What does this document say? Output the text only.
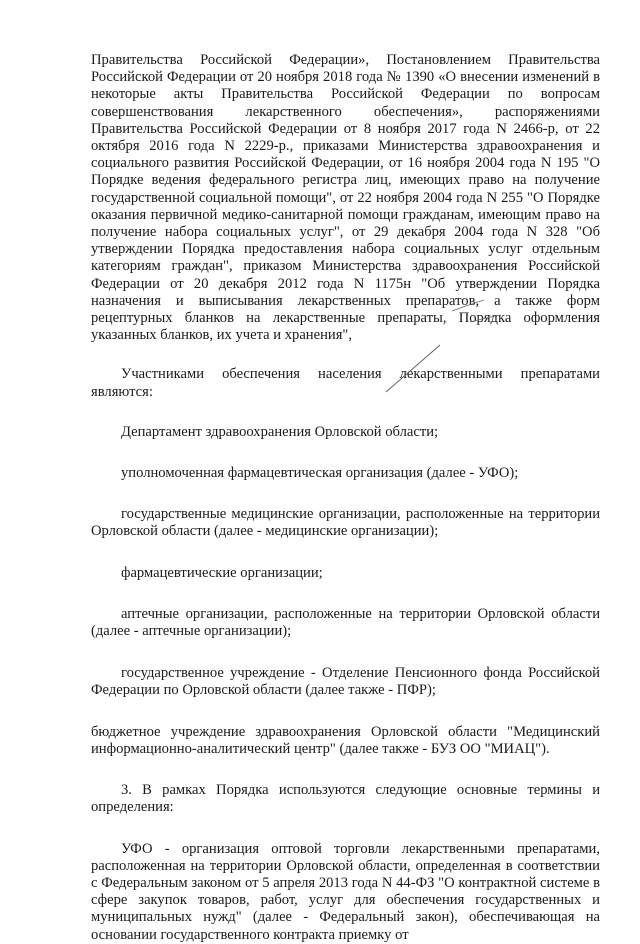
Правительства Российской Федерации», Постановлением Правительства Российской Федерации от 20 ноября 2018 года № 1390 «О внесении изменений в некоторые акты Правительства Российской Федерации по вопросам совершенствования лекарственного обеспечения», распоряжениями Правительства Российской Федерации от 8 ноября 2017 года N 2466-р, от 22 октября 2016 года N 2229-р., приказами Министерства здравоохранения и социального развития Российской Федерации, от 16 ноября 2004 года N 195 "О Порядке ведения федерального регистра лиц, имеющих право на получение государственной социальной помощи", от 22 ноября 2004 года N 255 "О Порядке оказания первичной медико-санитарной помощи гражданам, имеющим право на получение набора социальных услуг", от 29 декабря 2004 года N 328 "Об утверждении Порядка предоставления набора социальных услуг отдельным категориям граждан", приказом Министерства здравоохранения Российской Федерации от 20 декабря 2012 года N 1175н "Об утверждении Порядка назначения и выписывания лекарственных препаратов, а также форм рецептурных бланков на лекарственные препараты, Порядка оформления указанных бланков, их учета и хранения",

Участниками обеспечения населения лекарственными препаратами являются:

Департамент здравоохранения Орловской области;

уполномоченная фармацевтическая организация (далее - УФО);

государственные медицинские организации, расположенные на территории Орловской области (далее - медицинские организации);

фармацевтические организации;

аптечные организации, расположенные на территории Орловской области (далее - аптечные организации);

государственное учреждение - Отделение Пенсионного фонда Российской Федерации по Орловской области (далее также - ПФР);

бюджетное учреждение здравоохранения Орловской области "Медицинский информационно-аналитический центр" (далее также - БУЗ ОО "МИАЦ").

3. В рамках Порядка используются следующие основные термины и определения:

УФО - организация оптовой торговли лекарственными препаратами, расположенная на территории Орловской области, определенная в соответствии с Федеральным законом от 5 апреля 2013 года N 44-ФЗ "О контрактной системе в сфере закупок товаров, работ, услуг для обеспечения государственных и муниципальных нужд" (далее - Федеральный закон), обеспечивающая на основании государственного контракта приемку от
